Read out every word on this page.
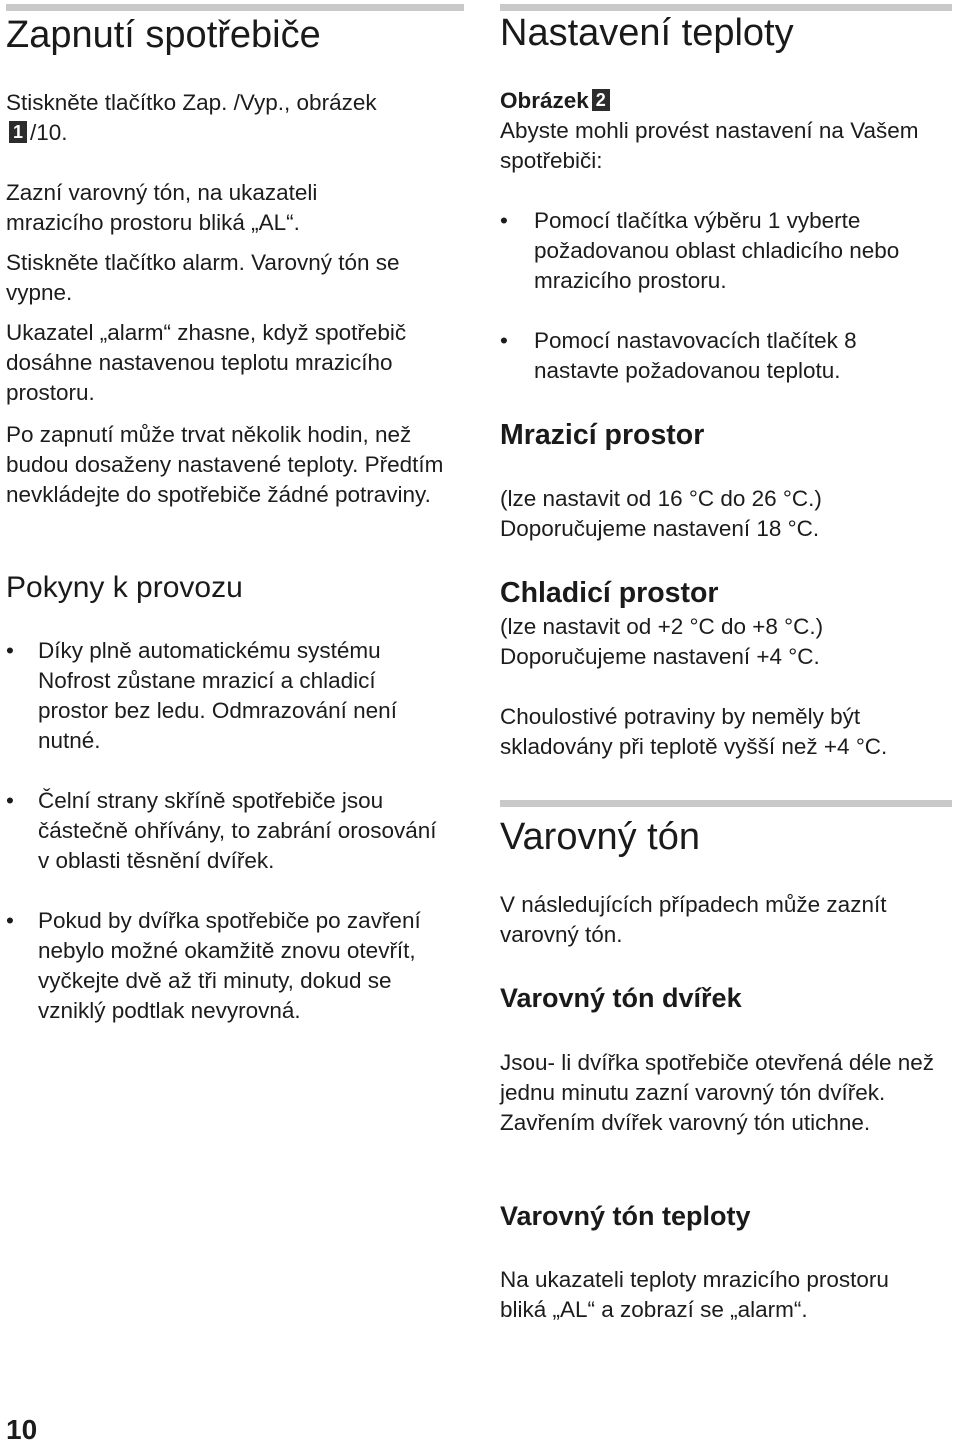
Zapnutí spotřebiče

Stiskněte tlačítko Zap. /Vyp., obrázek
1 /10.

Zazní varovný tón, na ukazateli
mrazicího prostoru bliká „AL“.

Stiskněte tlačítko alarm. Varovný tón se vypne.

Ukazatel „alarm“ zhasne, když spotřebič dosáhne nastavenou teplotu mrazicího prostoru.

Po zapnutí může trvat několik hodin, než budou dosaženy nastavené teploty. Předtím nevkládejte do spotřebiče žádné potraviny.

Pokyny k provozu
•	Díky plně automatickému systému Nofrost zůstane mrazicí a chladicí prostor bez ledu. Odmrazování není nutné.
•	Čelní strany skříně spotřebiče jsou částečně ohřívány, to zabrání orosování v oblasti těsnění dvířek.
•	Pokud by dvířka spotřebiče po zavření nebylo možné okamžitě znovu otevřít, vyčkejte dvě až tři minuty, dokud se vzniklý podtlak nevyrovná.
Nastavení teploty

Obrázek 2
Abyste mohli provést nastavení na Vašem spotřebiči:

•	Pomocí tlačítka výběru 1 vyberte požadovanou oblast chladicího nebo mrazicího prostoru.
•	Pomocí nastavovacích tlačítek 8 nastavte požadovanou teplotu.
Mrazicí prostor

(lze nastavit od 16 °C do 26 °C.)
Doporučujeme nastavení 18 °C.

Chladicí prostor

(lze nastavit od +2 °C do +8 °C.)
Doporučujeme nastavení +4 °C.

Choulostivé potraviny by neměly být skladovány při teplotě vyšší než +4 °C.

Varovný tón

V následujících případech může zaznít varovný tón.

Varovný tón dvířek

Jsou- li dvířka spotřebiče otevřená déle než jednu minutu zazní varovný tón dvířek. Zavřením dvířek varovný tón utichne.

Varovný tón teploty

Na ukazateli teploty mrazicího prostoru bliká „AL“ a zobrazí se „alarm“.

10
